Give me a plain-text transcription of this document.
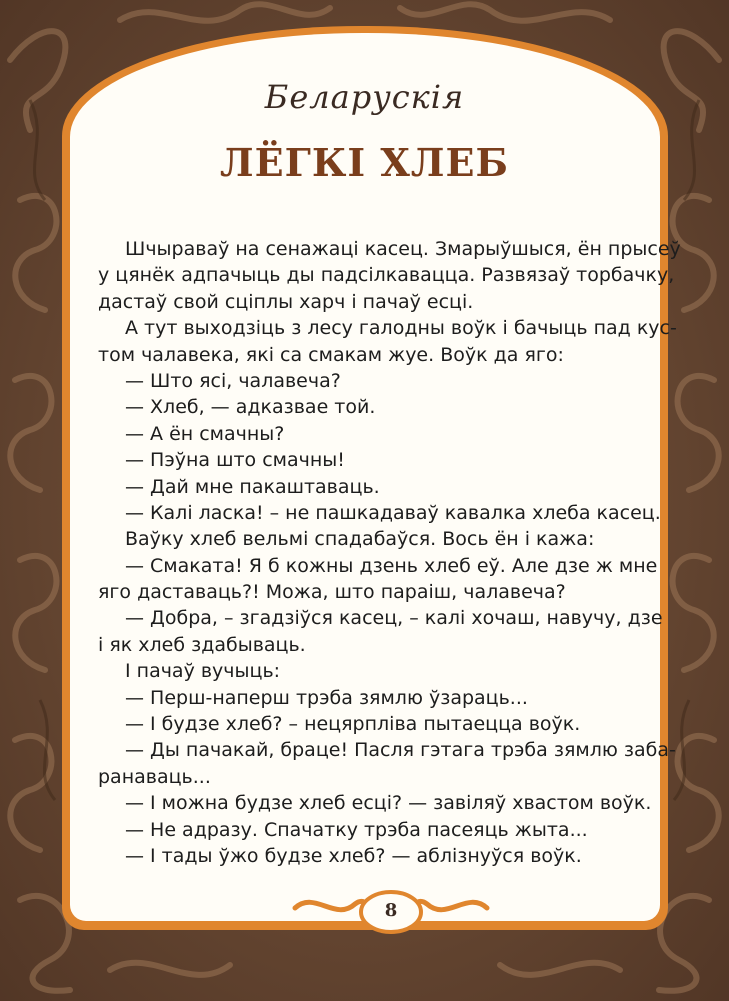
Беларускія
ЛЁГКІ ХЛЕБ
Шчыраваў на сенажаці касец. Змарыўшыся, ён прысеў
у цянёк адпачыць ды падсілкавацца. Развязаў торбачку,
дастаў свой сціплы харч і пачаў есці.
А тут выходзіць з лесу галодны воўк і бачыць пад кус-
том чалавека, які са смакам жуе. Воўк да яго:
— Што ясі, чалавеча?
— Хлеб, — адказвае той.
— А ён смачны?
— Пэўна што смачны!
— Дай мне пакаштаваць.
— Калі ласка! – не пашкадаваў кавалка хлеба касец.
Ваўку хлеб вельмі спадабаўся. Вось ён і кажа:
— Смаката! Я б кожны дзень хлеб еў. Але дзе ж мне
яго даставаць?! Можа, што параіш, чалавеча?
— Добра, – згадзіўся касец, – калі хочаш, навучу, дзе
і як хлеб здабываць.
І пачаў вучыць:
— Перш-наперш трэба зямлю ўзараць...
— І будзе хлеб? – нецярпліва пытаецца воўк.
— Ды пачакай, браце! Пасля гэтага трэба зямлю заба-
ранаваць...
— І можна будзе хлеб есці? — завіляў хвастом воўк.
— Не адразу. Спачатку трэба пасеяць жыта...
— І тады ўжо будзе хлеб? — аблізнуўся воўк.
8
